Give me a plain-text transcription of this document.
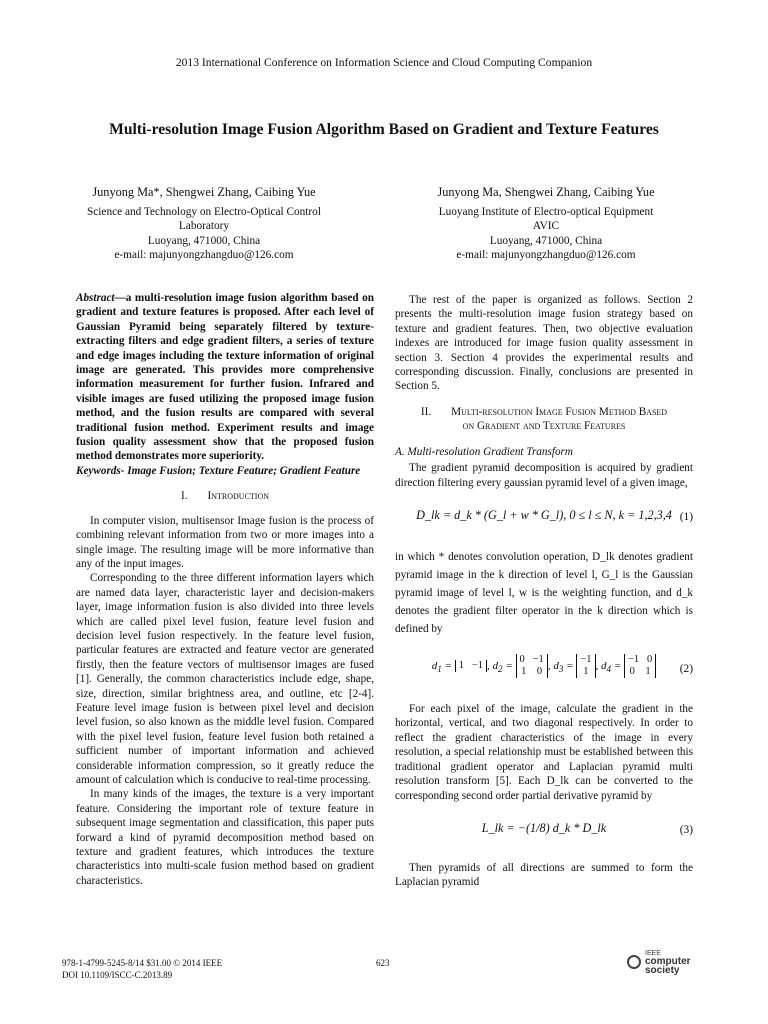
2013 International Conference on Information Science and Cloud Computing Companion
Multi-resolution Image Fusion Algorithm Based on Gradient and Texture Features
Junyong Ma*, Shengwei Zhang, Caibing Yue
Science and Technology on Electro-Optical Control
Laboratory
Luoyang, 471000, China
e-mail: majunyongzhangduo@126.com
Junyong Ma, Shengwei Zhang, Caibing Yue
Luoyang Institute of Electro-optical Equipment
AVIC
Luoyang, 471000, China
e-mail: majunyongzhangduo@126.com

Abstract—a multi-resolution image fusion algorithm based on gradient and texture features is proposed. After each level of Gaussian Pyramid being separately filtered by texture-extracting filters and edge gradient filters, a series of texture and edge images including the texture information of original image are generated. This provides more comprehensive information measurement for further fusion. Infrared and visible images are fused utilizing the proposed image fusion method, and the fusion results are compared with several traditional fusion method. Experiment results and image fusion quality assessment show that the proposed fusion method demonstrates more superiority.

Keywords- Image Fusion; Texture Feature; Gradient Feature

I. Introduction

In computer vision, multisensor Image fusion is the process of combining relevant information from two or more images into a single image. The resulting image will be more informative than any of the input images.

Corresponding to the three different information layers which are named data layer, characteristic layer and decision-makers layer, image information fusion is also divided into three levels which are called pixel level fusion, feature level fusion and decision level fusion respectively. In the feature level fusion, particular features are extracted and feature vector are generated firstly, then the feature vectors of multisensor images are fused [1]. Generally, the common characteristics include edge, shape, size, direction, similar brightness area, and outline, etc [2-4]. Feature level image fusion is between pixel level and decision level fusion, so also known as the middle level fusion. Compared with the pixel level fusion, feature level fusion both retained a sufficient number of important information and achieved considerable information compression, so it greatly reduce the amount of calculation which is conducive to real-time processing.

In many kinds of the images, the texture is a very important feature. Considering the important role of texture feature in subsequent image segmentation and classification, this paper puts forward a kind of pyramid decomposition method based on texture and gradient features, which introduces the texture characteristics into multi-scale fusion method based on gradient characteristics.

The rest of the paper is organized as follows. Section 2 presents the multi-resolution image fusion strategy based on texture and gradient features. Then, two objective evaluation indexes are introduced for image fusion quality assessment in section 3. Section 4 provides the experimental results and corresponding discussion. Finally, conclusions are presented in Section 5.

II. Multi-resolution Image Fusion Method Based
on Gradient and Texture Features
A. Multi-resolution Gradient Transform

The gradient pyramid decomposition is acquired by gradient direction filtering every gaussian pyramid level of a given image,

D_lk = d_k * (G_l + w * G_l), 0 ≤ l ≤ N, k = 1,2,3,4 (1)

in which * denotes convolution operation, D_lk denotes gradient pyramid image in the k direction of level l, G_l is the Gaussian pyramid image of level l, w is the weighting function, and d_k denotes the gradient filter operator in the k direction which is defined by

$d_1 = 1 -1$ , $d_2 = 0 -1$
1    0 , $d_3 = -1$
1 , $d_4 = -1$   0
0    1	(2)

For each pixel of the image, calculate the gradient in the horizontal, vertical, and two diagonal respectively. In order to reflect the gradient characteristics of the image in every resolution, a special relationship must be established between this traditional gradient operator and Laplacian pyramid multi resolution transform [5]. Each D_lk can be converted to the corresponding second order partial derivative pyramid by

L_lk = −(1/8) d_k * D_lk	(3)

Then pyramids of all directions are summed to form the Laplacian pyramid

978-1-4799-5245-8/14 $31.00 © 2014 IEEE
DOI 10.1109/ISCC-C.2013.89
623
IEEE
computer society
